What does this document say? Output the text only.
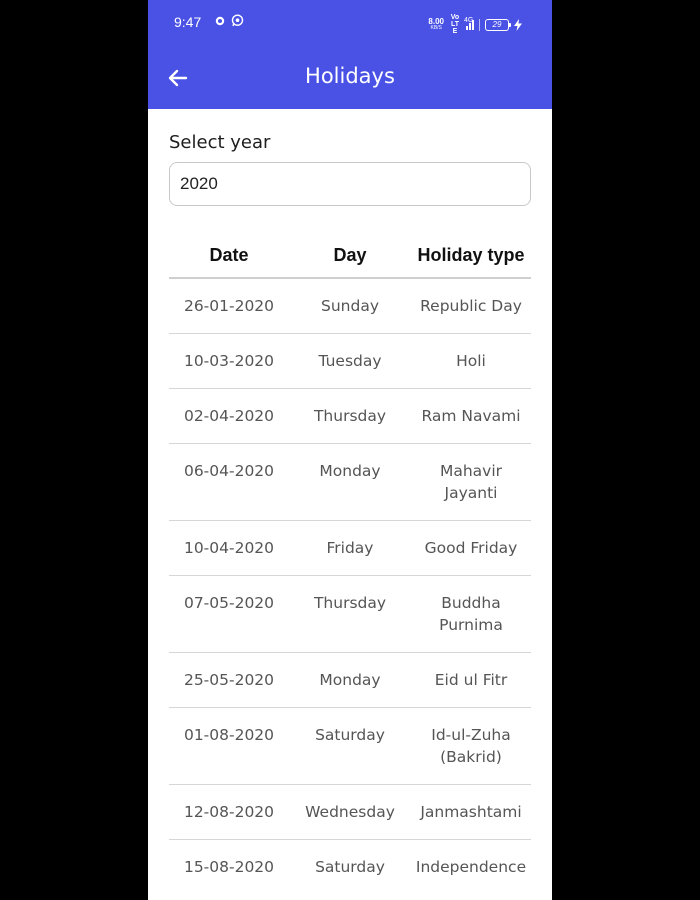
9:47	8.00
KB/S
Vo LTE
4G	29
Holidays
Select year
2020
Date	Day	Holiday type
26-01-2020	Sunday	Republic Day
10-03-2020	Tuesday	Holi
02-04-2020	Thursday	Ram Navami
06-04-2020	Monday	Mahavir Jayanti
10-04-2020	Friday	Good Friday
07-05-2020	Thursday	Buddha Purnima
25-05-2020	Monday	Eid ul Fitr
01-08-2020	Saturday	Id-ul-Zuha (Bakrid)
12-08-2020	Wednesday	Janmashtami
15-08-2020	Saturday	Independence
